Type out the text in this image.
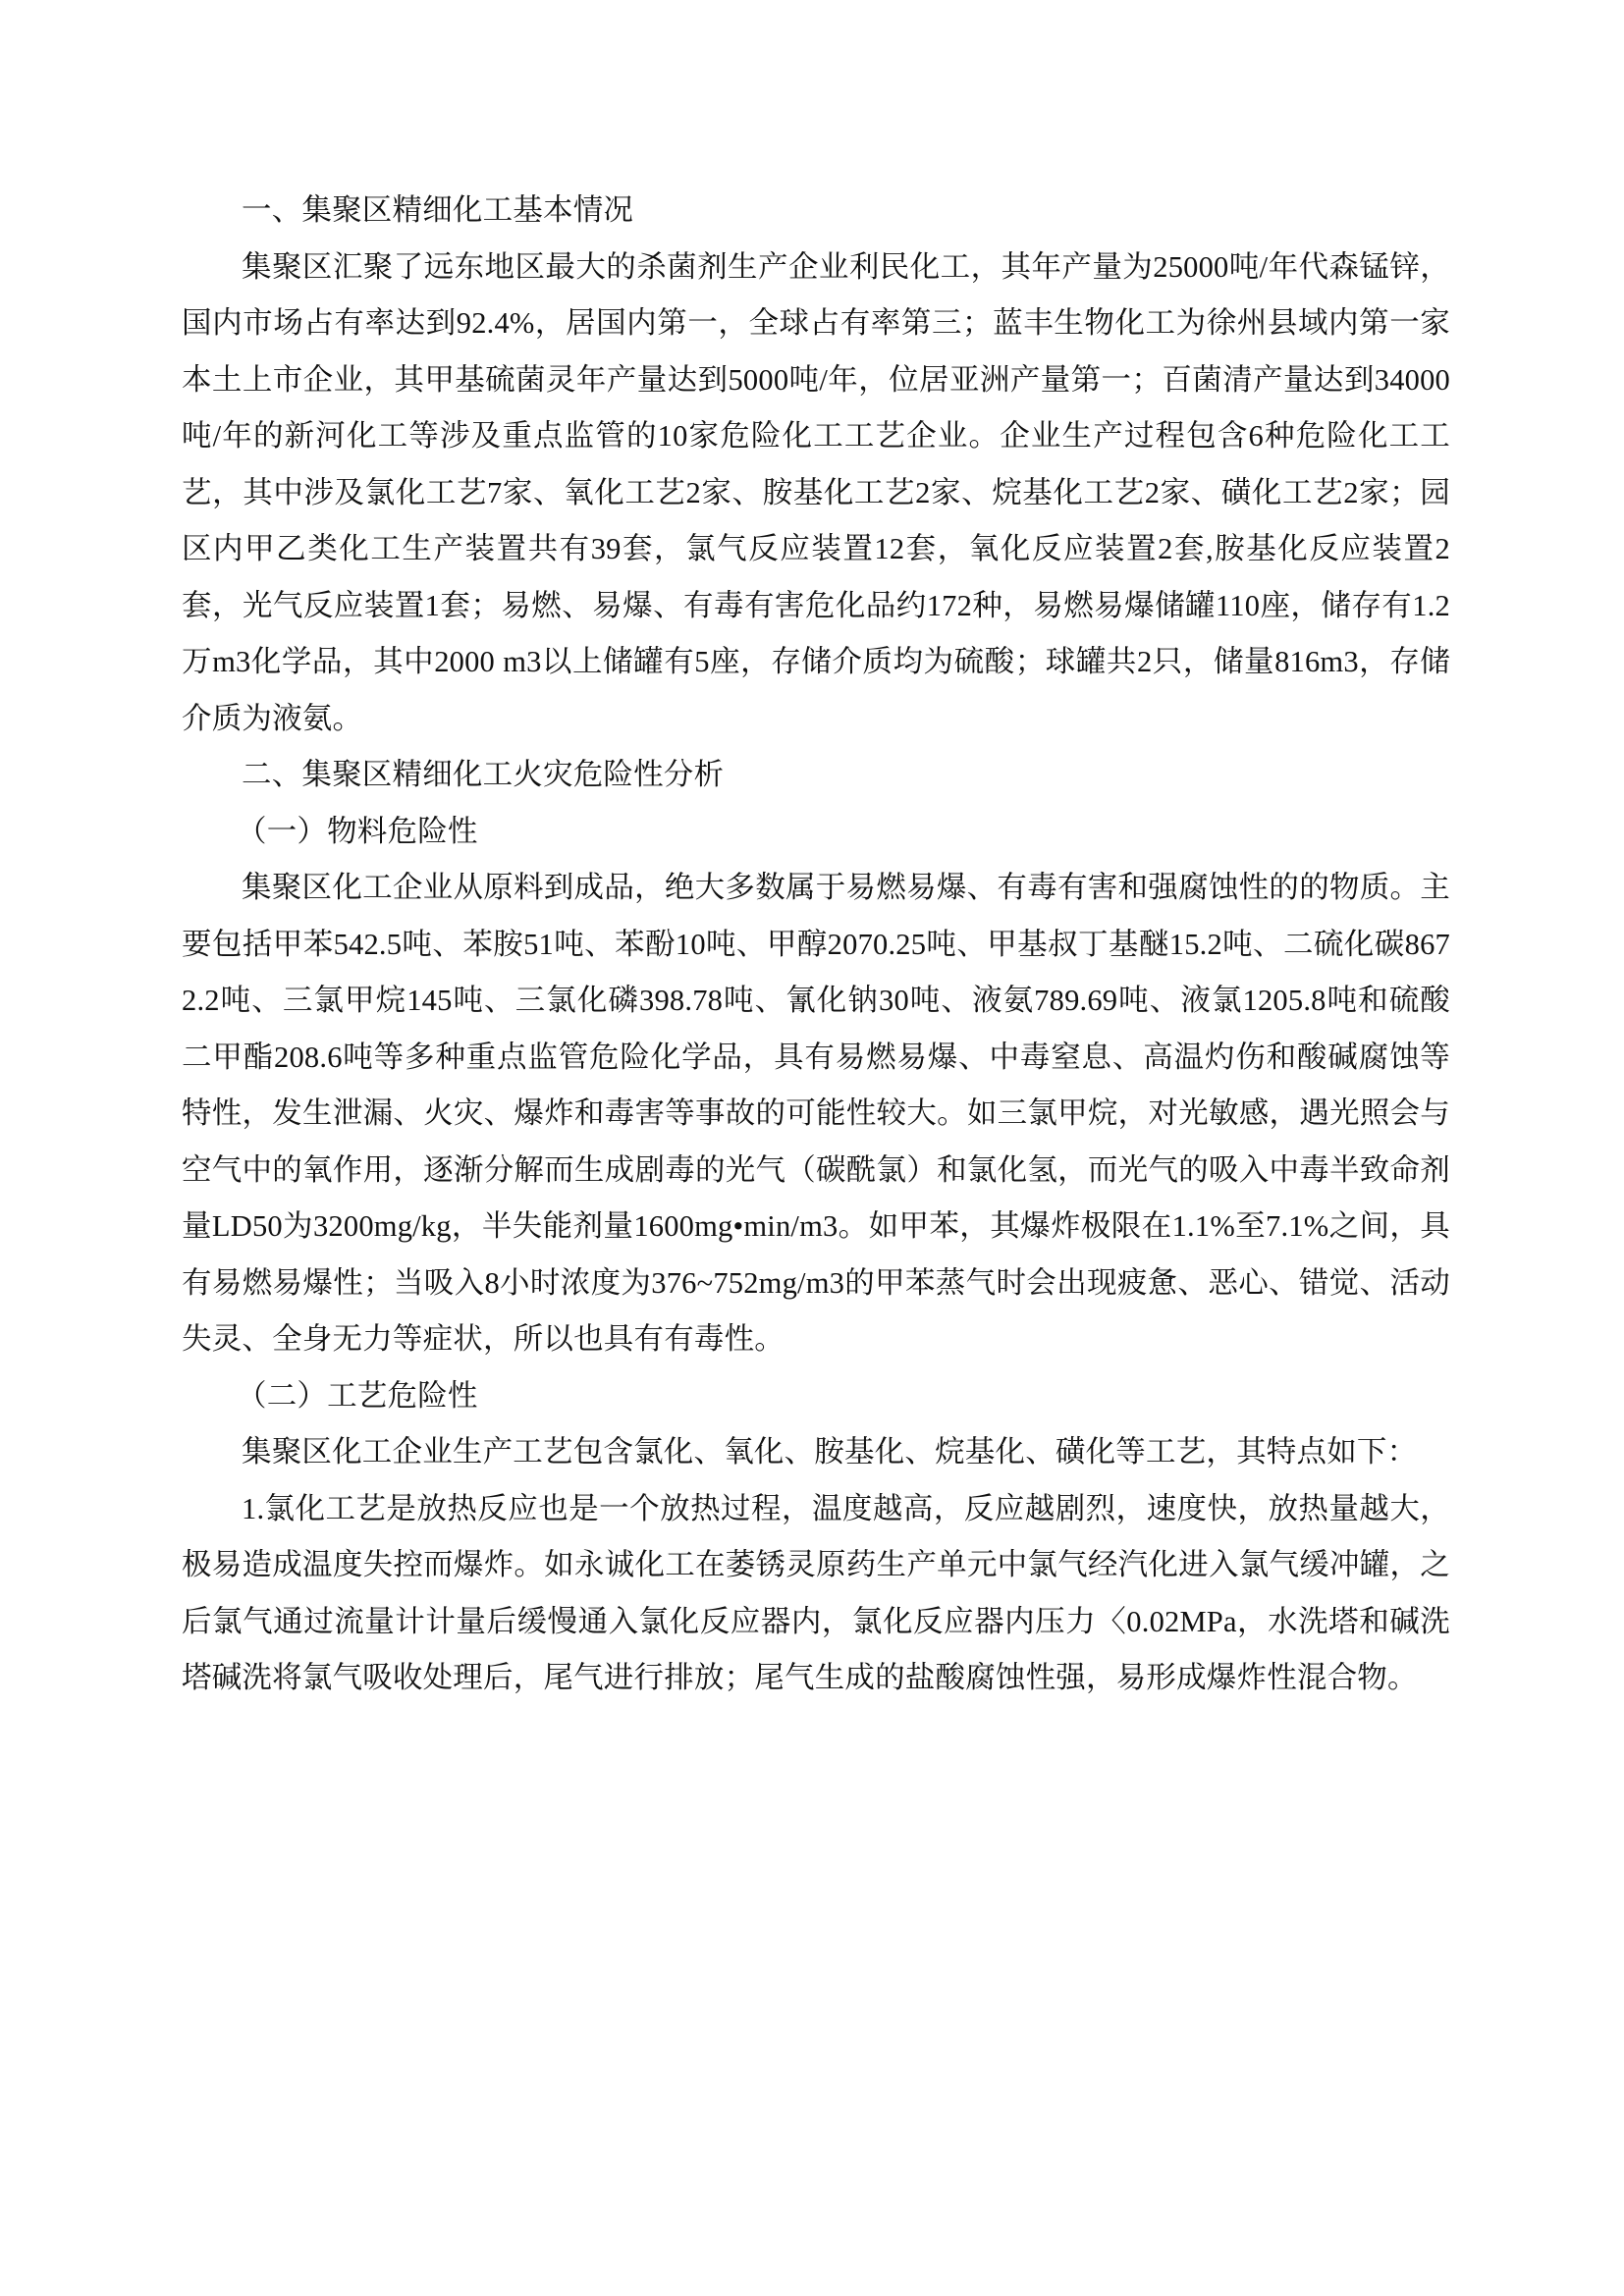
一、集聚区精细化工基本情况

集聚区汇聚了远东地区最大的杀菌剂生产企业利民化工，其年产量为25000吨/年代森锰锌，国内市场占有率达到92.4%，居国内第一，全球占有率第三；蓝丰生物化工为徐州县域内第一家本土上市企业，其甲基硫菌灵年产量达到5000吨/年，位居亚洲产量第一；百菌清产量达到34000吨/年的新河化工等涉及重点监管的10家危险化工工艺企业。企业生产过程包含6种危险化工工艺，其中涉及氯化工艺7家、氧化工艺2家、胺基化工艺2家、烷基化工艺2家、磺化工艺2家；园区内甲乙类化工生产装置共有39套，氯气反应装置12套，氧化反应装置2套,胺基化反应装置2套，光气反应装置1套；易燃、易爆、有毒有害危化品约172种，易燃易爆储罐110座，储存有1.2万m3化学品，其中2000 m3以上储罐有5座，存储介质均为硫酸；球罐共2只，储量816m3，存储介质为液氨。

二、集聚区精细化工火灾危险性分析

（一）物料危险性

集聚区化工企业从原料到成品，绝大多数属于易燃易爆、有毒有害和强腐蚀性的的物质。主要包括甲苯542.5吨、苯胺51吨、苯酚10吨、甲醇2070.25吨、甲基叔丁基醚15.2吨、二硫化碳8672.2吨、三氯甲烷145吨、三氯化磷398.78吨、氰化钠30吨、液氨789.69吨、液氯1205.8吨和硫酸二甲酯208.6吨等多种重点监管危险化学品，具有易燃易爆、中毒窒息、高温灼伤和酸碱腐蚀等特性，发生泄漏、火灾、爆炸和毒害等事故的可能性较大。如三氯甲烷，对光敏感，遇光照会与空气中的氧作用，逐渐分解而生成剧毒的光气（碳酰氯）和氯化氢，而光气的吸入中毒半致命剂量LD50为3200mg/kg，半失能剂量1600mg•min/m3。如甲苯，其爆炸极限在1.1%至7.1%之间，具有易燃易爆性；当吸入8小时浓度为376~752mg/m3的甲苯蒸气时会出现疲惫、恶心、错觉、活动失灵、全身无力等症状，所以也具有有毒性。

（二）工艺危险性

集聚区化工企业生产工艺包含氯化、氧化、胺基化、烷基化、磺化等工艺，其特点如下：

1.氯化工艺是放热反应也是一个放热过程，温度越高，反应越剧烈，速度快，放热量越大，极易造成温度失控而爆炸。如永诚化工在萎锈灵原药生产单元中氯气经汽化进入氯气缓冲罐，之后氯气通过流量计计量后缓慢通入氯化反应器内，氯化反应器内压力〈0.02MPa，水洗塔和碱洗塔碱洗将氯气吸收处理后，尾气进行排放；尾气生成的盐酸腐蚀性强，易形成爆炸性混合物。
